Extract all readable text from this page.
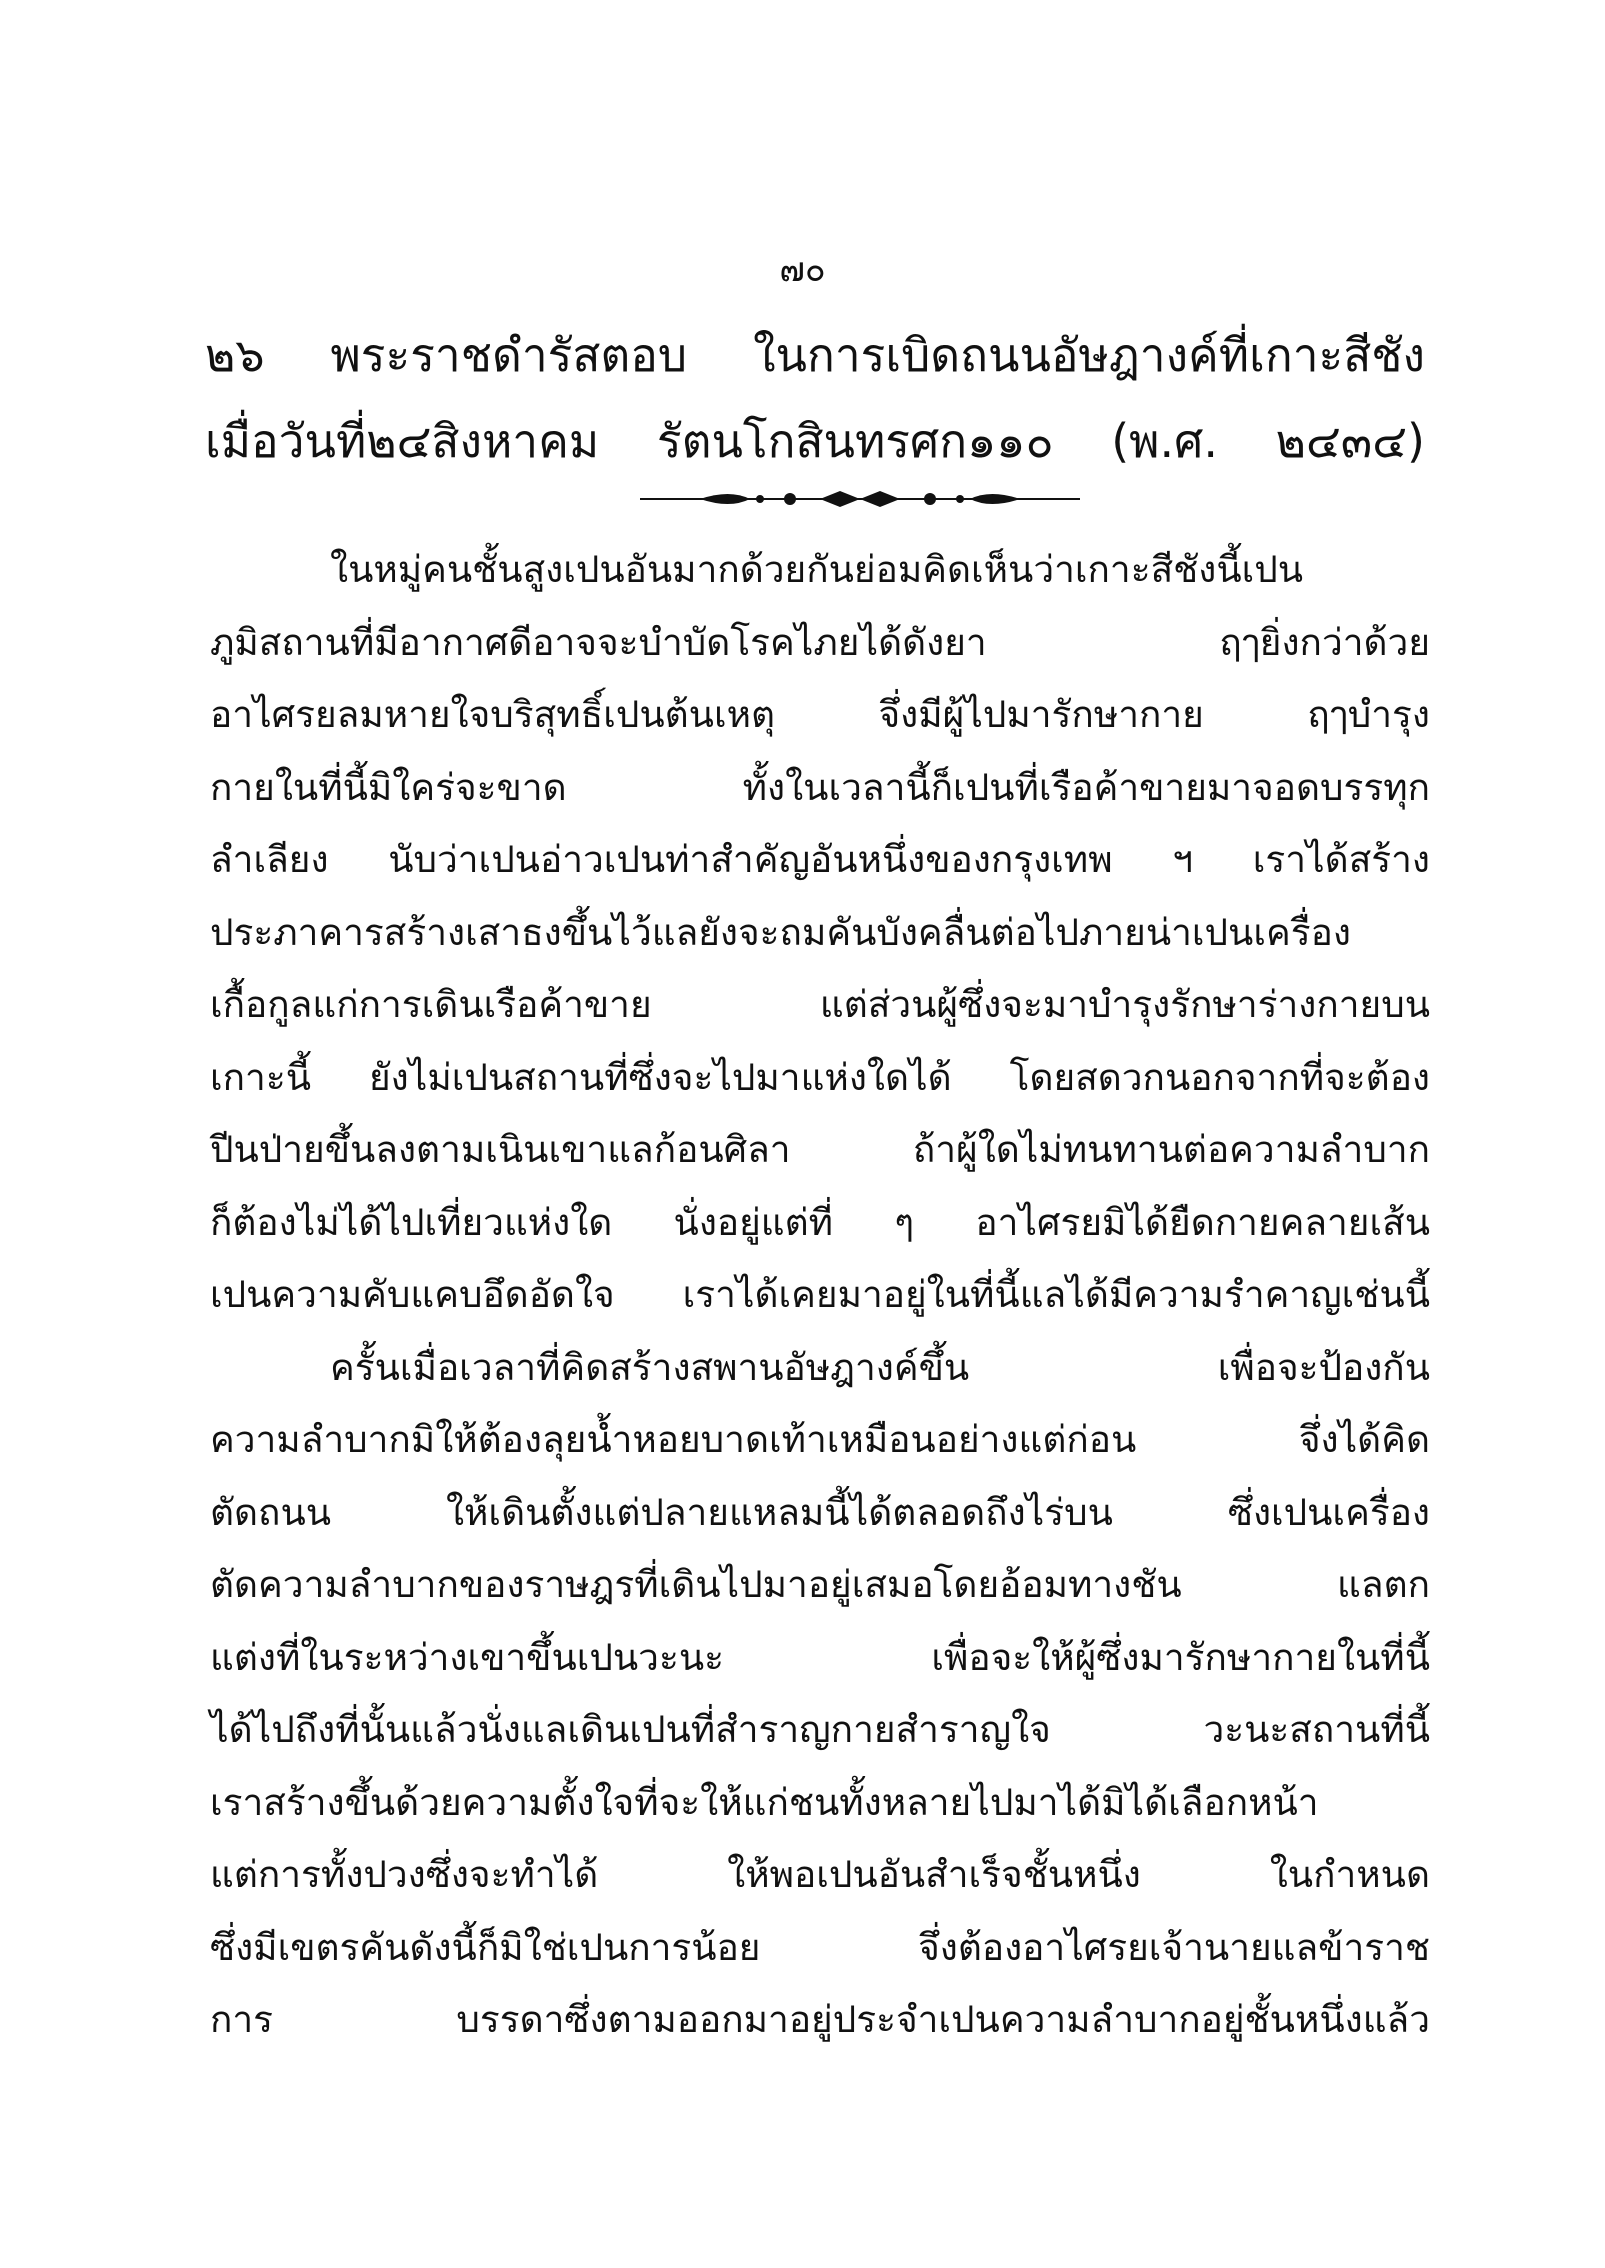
๗๐
๒๖ พระราชดำรัสตอบ ในการเบิดถนนอัษฎางค์ที่เกาะสีชัง
เมื่อวันที่๒๔สิงหาคม รัตนโกสินทรศก๑๑๐ (พ.ศ. ๒๔๓๔)
ในหมู่คนชั้นสูงเปนอันมากด้วยกันย่อมคิดเห็นว่าเกาะสีชังนี้เปน
ภูมิสถานที่มีอากาศดีอาจจะบำบัดโรคไภยได้ดังยา ฤๅยิ่งกว่าด้วย
อาไศรยลมหายใจบริสุทธิ์เปนต้นเหตุ จึ่งมีผู้ไปมารักษากาย ฤๅบำรุง
กายในที่นี้มิใคร่จะขาด ทั้งในเวลานี้ก็เปนที่เรือค้าขายมาจอดบรรทุก
ลำเลียง นับว่าเปนอ่าวเปนท่าสำคัญอันหนึ่งของกรุงเทพ ฯ เราได้สร้าง
ประภาคารสร้างเสาธงขึ้นไว้แลยังจะถมคันบังคลื่นต่อไปภายน่าเปนเครื่อง
เกื้อกูลแก่การเดินเรือค้าขาย แต่ส่วนผู้ซึ่งจะมาบำรุงรักษาร่างกายบน
เกาะนี้ ยังไม่เปนสถานที่ซึ่งจะไปมาแห่งใดได้ โดยสดวกนอกจากที่จะต้อง
ปีนป่ายขึ้นลงตามเนินเขาแลก้อนศิลา ถ้าผู้ใดไม่ทนทานต่อความลำบาก
ก็ต้องไม่ได้ไปเที่ยวแห่งใด นั่งอยู่แต่ที่ ๆ อาไศรยมิได้ยืดกายคลายเส้น
เปนความคับแคบอึดอัดใจ เราได้เคยมาอยู่ในที่นี้แลได้มีความรำคาญเช่นนี้
ครั้นเมื่อเวลาที่คิดสร้างสพานอัษฎางค์ขึ้น เพื่อจะป้องกัน
ความลำบากมิให้ต้องลุยน้ำหอยบาดเท้าเหมือนอย่างแต่ก่อน จึ่งได้คิด
ตัดถนน ให้เดินตั้งแต่ปลายแหลมนี้ได้ตลอดถึงไร่บน ซึ่งเปนเครื่อง
ตัดความลำบากของราษฎรที่เดินไปมาอยู่เสมอโดยอ้อมทางชัน แลตก
แต่งที่ในระหว่างเขาขึ้นเปนวะนะ เพื่อจะให้ผู้ซึ่งมารักษากายในที่นี้
ได้ไปถึงที่นั้นแล้วนั่งแลเดินเปนที่สำราญกายสำราญใจ วะนะสถานที่นี้
เราสร้างขึ้นด้วยความตั้งใจที่จะให้แก่ชนทั้งหลายไปมาได้มิได้เลือกหน้า
แต่การทั้งปวงซึ่งจะทำได้ ให้พอเปนอันสำเร็จชั้นหนึ่ง ในกำหนด
ซึ่งมีเขตรคันดังนี้ก็มิใช่เปนการน้อย จึ่งต้องอาไศรยเจ้านายแลข้าราช
การ บรรดาซึ่งตามออกมาอยู่ประจำเปนความลำบากอยู่ชั้นหนึ่งแล้ว
